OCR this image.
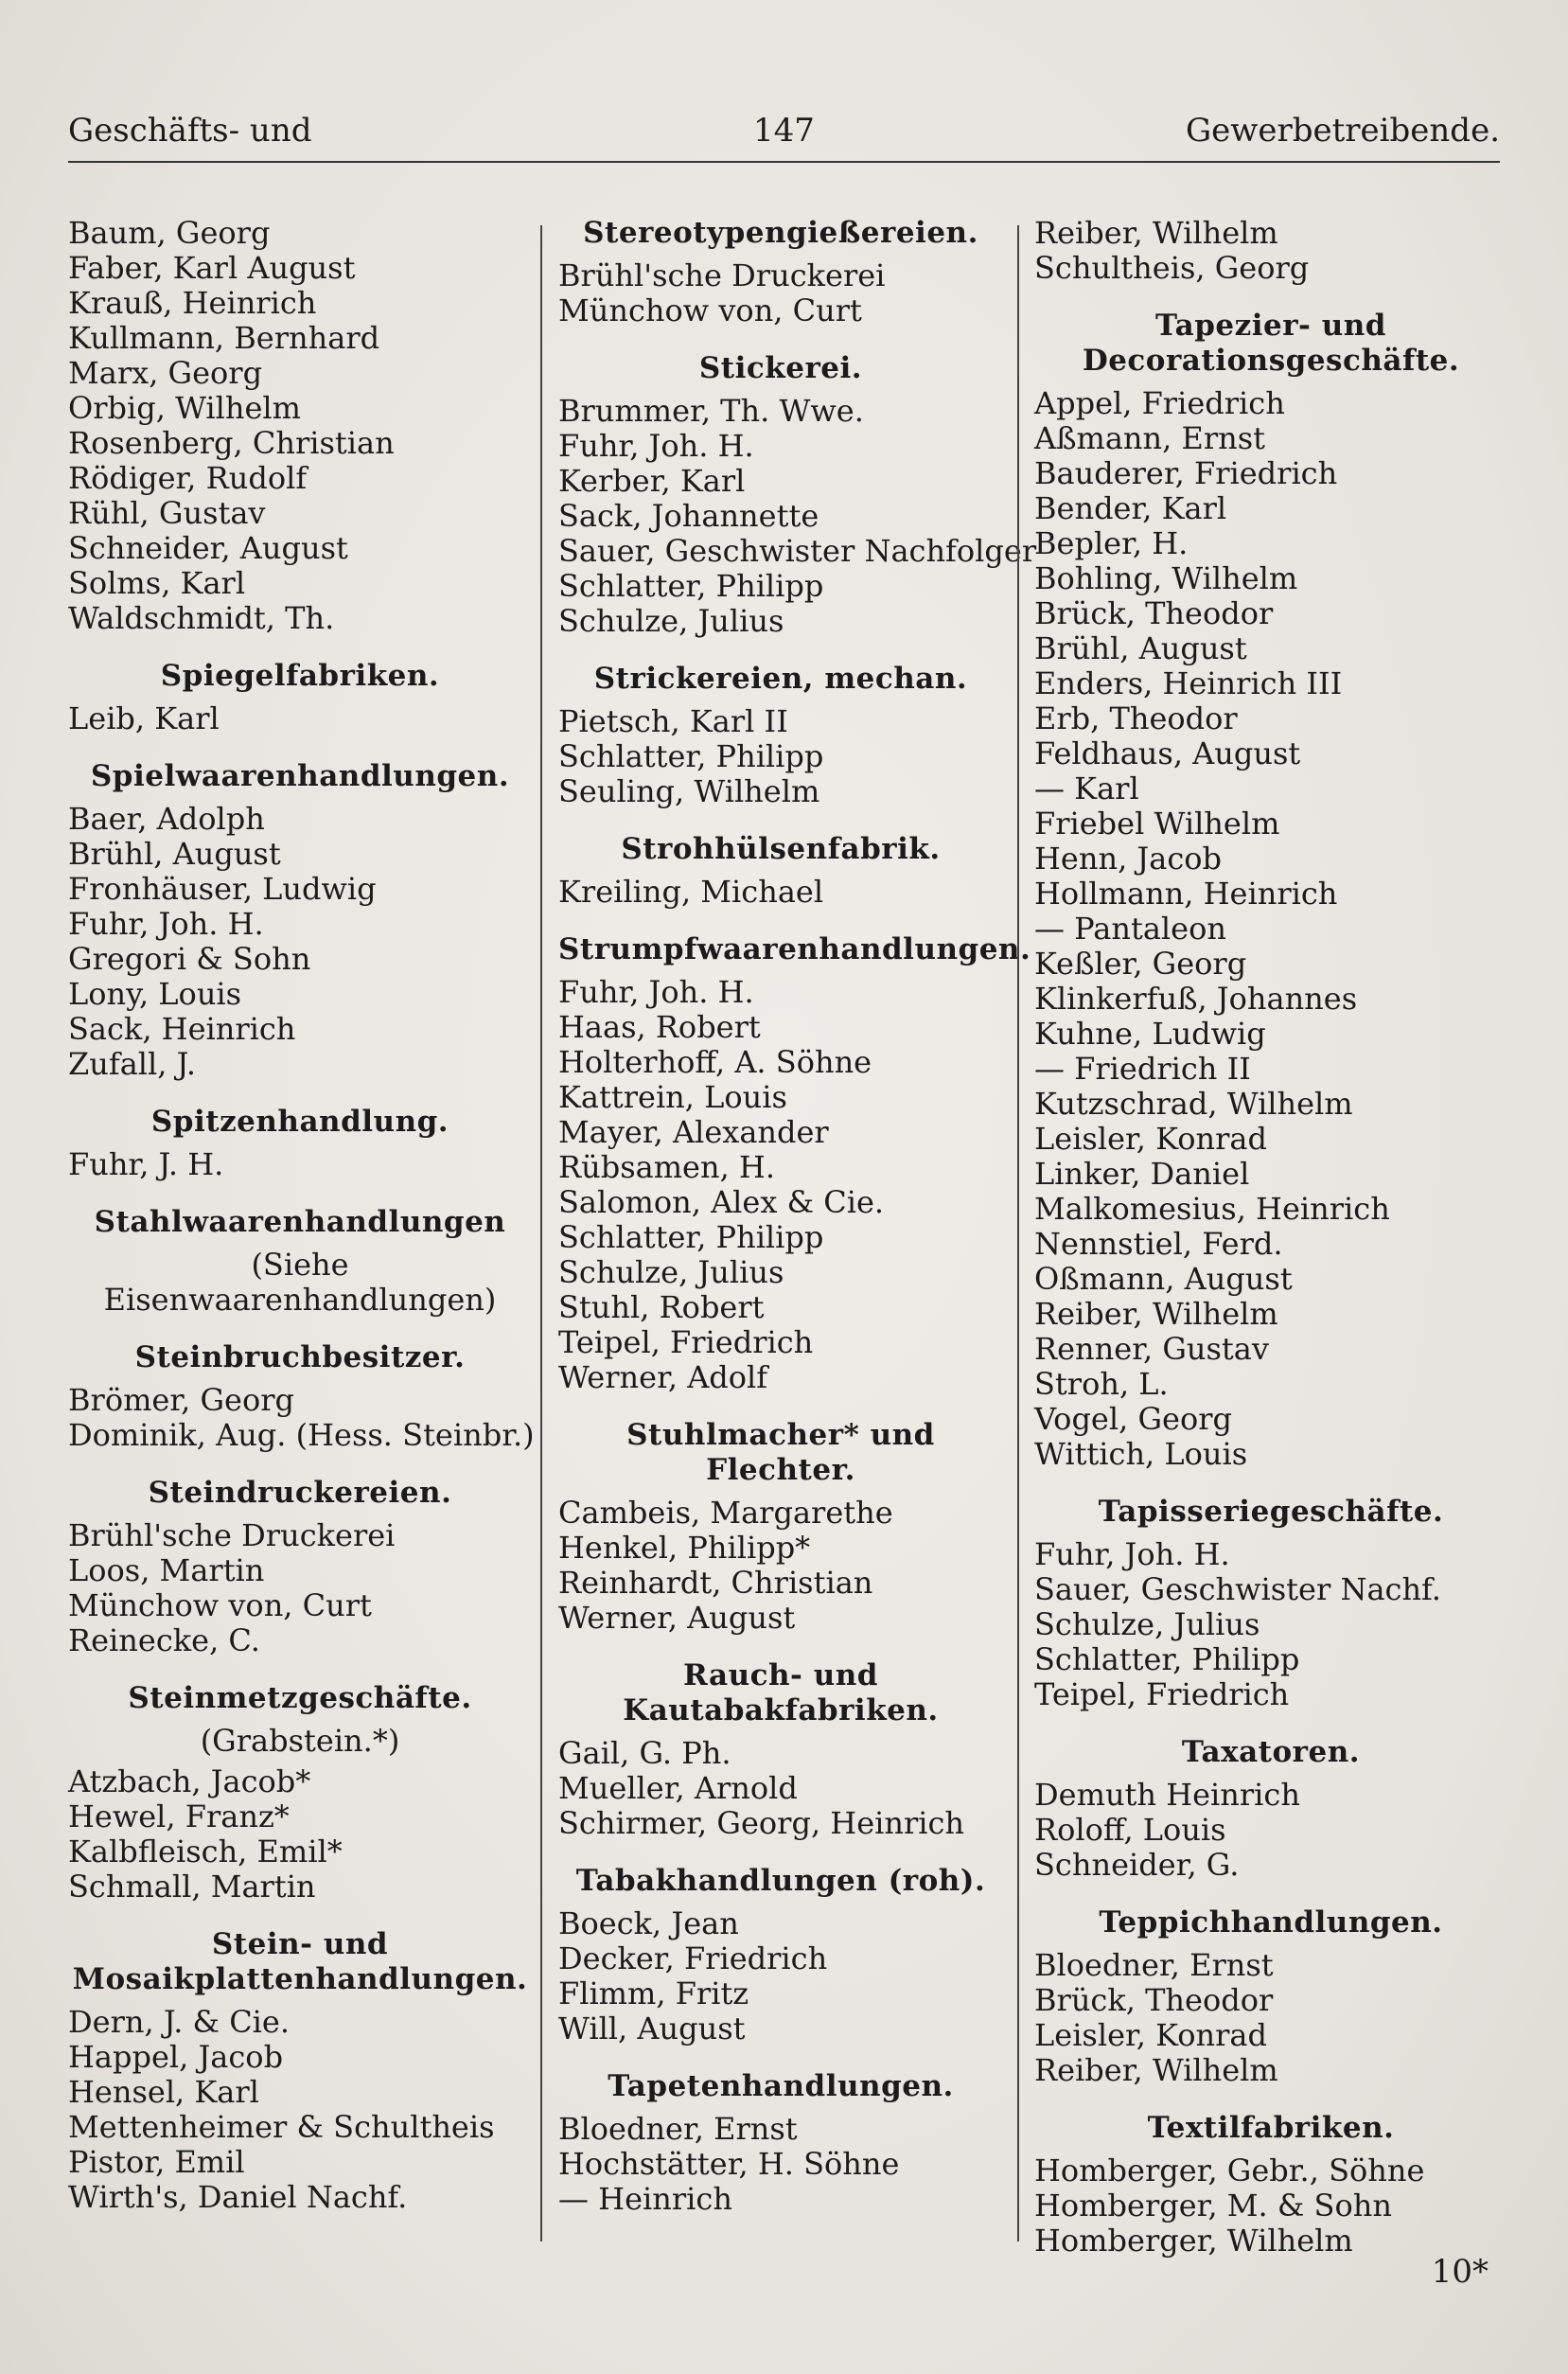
Geschäfts- und	147	Gewerbetreibende.
Baum, Georg
Faber, Karl August
Krauß, Heinrich
Kullmann, Bernhard
Marx, Georg
Orbig, Wilhelm
Rosenberg, Christian
Rödiger, Rudolf
Rühl, Gustav
Schneider, August
Solms, Karl
Waldschmidt, Th.
Spiegelfabriken.
Leib, Karl
Spielwaarenhandlungen.
Baer, Adolph
Brühl, August
Fronhäuser, Ludwig
Fuhr, Joh. H.
Gregori & Sohn
Lony, Louis
Sack, Heinrich
Zufall, J.
Spitzenhandlung.
Fuhr, J. H.
Stahlwaarenhandlungen
(Siehe Eisenwaarenhandlungen)
Steinbruchbesitzer.
Brömer, Georg
Dominik, Aug. (Hess. Steinbr.)
Steindruckereien.
Brühl'sche Druckerei
Loos, Martin
Münchow von, Curt
Reinecke, C.
Steinmetzgeschäfte.
(Grabstein.*)
Atzbach, Jacob*
Hewel, Franz*
Kalbfleisch, Emil*
Schmall, Martin
Stein- und Mosaikplattenhandlungen.
Dern, J. & Cie.
Happel, Jacob
Hensel, Karl
Mettenheimer & Schultheis
Pistor, Emil
Wirth's, Daniel Nachf.
Stereotypengießereien.
Brühl'sche Druckerei
Münchow von, Curt
Stickerei.
Brummer, Th. Wwe.
Fuhr, Joh. H.
Kerber, Karl
Sack, Johannette
Sauer, Geschwister Nachfolger
Schlatter, Philipp
Schulze, Julius
Strickereien, mechan.
Pietsch, Karl II
Schlatter, Philipp
Seuling, Wilhelm
Strohhülsenfabrik.
Kreiling, Michael
Strumpfwaarenhandlungen.
Fuhr, Joh. H.
Haas, Robert
Holterhoff, A. Söhne
Kattrein, Louis
Mayer, Alexander
Rübsamen, H.
Salomon, Alex & Cie.
Schlatter, Philipp
Schulze, Julius
Stuhl, Robert
Teipel, Friedrich
Werner, Adolf
Stuhlmacher* und Flechter.
Cambeis, Margarethe
Henkel, Philipp*
Reinhardt, Christian
Werner, August
Rauch- und Kautabakfabriken.
Gail, G. Ph.
Mueller, Arnold
Schirmer, Georg, Heinrich
Tabakhandlungen (roh).
Boeck, Jean
Decker, Friedrich
Flimm, Fritz
Will, August
Tapetenhandlungen.
Bloedner, Ernst
Hochstätter, H. Söhne
— Heinrich
Reiber, Wilhelm
Schultheis, Georg
Tapezier- und Decorationsgeschäfte.
Appel, Friedrich
Aßmann, Ernst
Bauderer, Friedrich
Bender, Karl
Bepler, H.
Bohling, Wilhelm
Brück, Theodor
Brühl, August
Enders, Heinrich III
Erb, Theodor
Feldhaus, August
— Karl
Friebel Wilhelm
Henn, Jacob
Hollmann, Heinrich
— Pantaleon
Keßler, Georg
Klinkerfuß, Johannes
Kuhne, Ludwig
— Friedrich II
Kutzschrad, Wilhelm
Leisler, Konrad
Linker, Daniel
Malkomesius, Heinrich
Nennstiel, Ferd.
Oßmann, August
Reiber, Wilhelm
Renner, Gustav
Stroh, L.
Vogel, Georg
Wittich, Louis
Tapisseriegeschäfte.
Fuhr, Joh. H.
Sauer, Geschwister Nachf.
Schulze, Julius
Schlatter, Philipp
Teipel, Friedrich
Taxatoren.
Demuth Heinrich
Roloff, Louis
Schneider, G.
Teppichhandlungen.
Bloedner, Ernst
Brück, Theodor
Leisler, Konrad
Reiber, Wilhelm
Textilfabriken.
Homberger, Gebr., Söhne
Homberger, M. & Sohn
Homberger, Wilhelm
10*
